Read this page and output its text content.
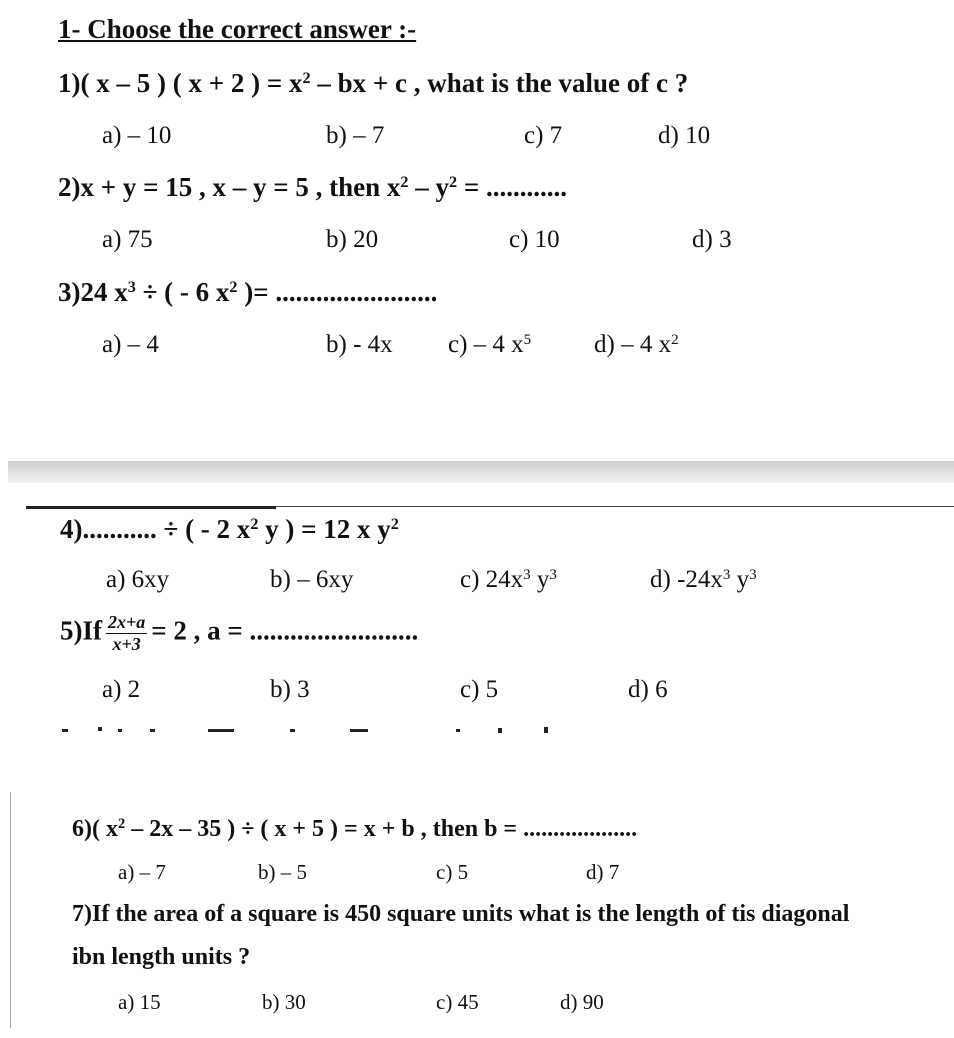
1- Choose the correct answer :-
1)( x – 5 ) ( x + 2 ) = $x^2$ – bx + c , what is the value of c ?
a) – 10	b) – 7	c) 7	d) 10
2)x + y = 15 , x – y = 5 , then $x^2 - y^2$ = ............
a) 75	b) 20	c) 10	d) 3
3)24 $x^3$ ÷ ( - 6 $x^2$ )= ........................
a) – 4	b) - 4x c) – 4 $x^5$	d) – 4 $x^2$
4)........... ÷ ( - 2 $x^2$ y ) = 12 x $y^2$
a) 6xy	b) – 6xy	c) $24x^3$ $y^3$	d) $-24x^3$ $y^3$
$5)If \frac{2x+a}{x+3} = 2$ , a = .........................
a) 2	b) 3	c) 5	d) 6
6)( $x^2 - 2x - 35$ ) ÷ ( x + 5 ) = x + b , then b = ...................
a) – 7	b) – 5	c) 5	d) 7
7)If the area of a square is 450 square units what is the length of tis diagonal
ibn length units ?
a) 15	b) 30	c) 45	d) 90
